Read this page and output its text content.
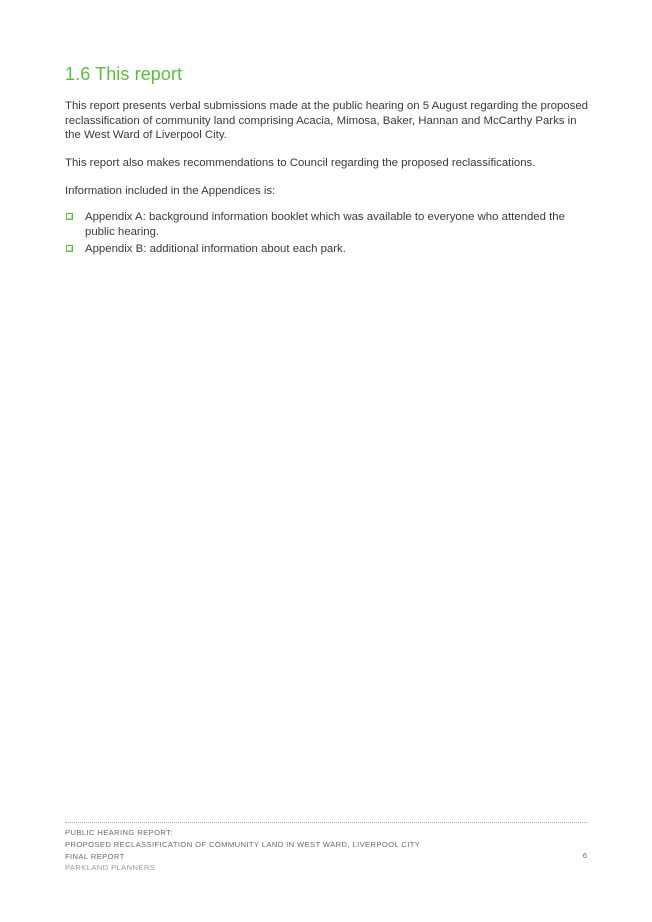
1.6 This report

This report presents verbal submissions made at the public hearing on 5 August regarding the proposed reclassification of community land comprising Acacia, Mimosa, Baker, Hannan and McCarthy Parks in the West Ward of Liverpool City.

This report also makes recommendations to Council regarding the proposed reclassifications.

Information included in the Appendices is:

Appendix A: background information booklet which was available to everyone who attended the public hearing.
Appendix B: additional information about each park.
PUBLIC HEARING REPORT:
PROPOSED RECLASSIFICATION OF COMMUNITY LAND IN WEST WARD, LIVERPOOL CITY
FINAL REPORT
PARKLAND PLANNERS
6
